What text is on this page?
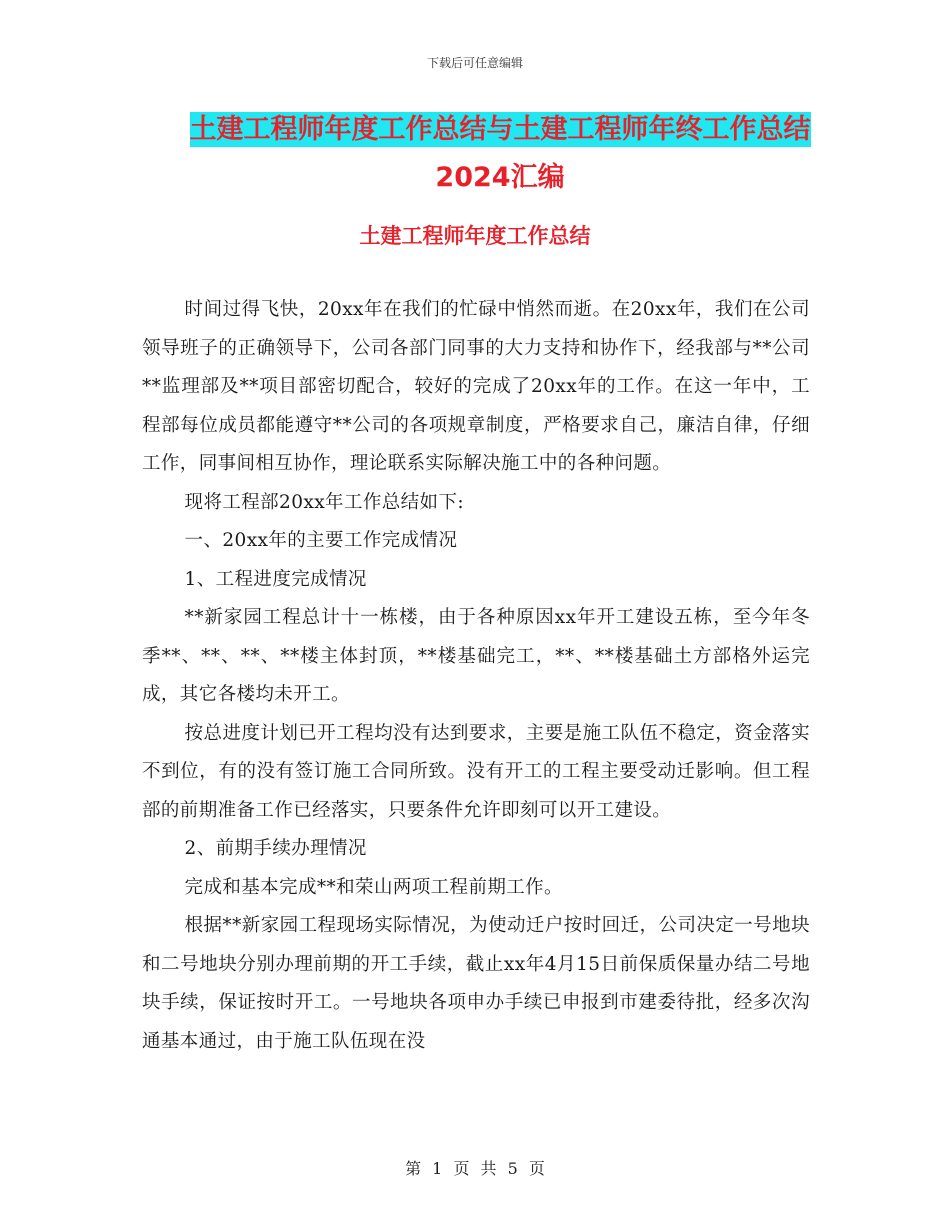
下载后可任意编辑
土建工程师年度工作总结与土建工程师年终工作总结
2024汇编
土建工程师年度工作总结

时间过得飞快，20xx年在我们的忙碌中悄然而逝。在20xx年，我们在公司领导班子的正确领导下，公司各部门同事的大力支持和协作下，经我部与**公司**监理部及**项目部密切配合，较好的完成了20xx年的工作。在这一年中，工程部每位成员都能遵守**公司的各项规章制度，严格要求自己，廉洁自律，仔细工作，同事间相互协作，理论联系实际解决施工中的各种问题。

现将工程部20xx年工作总结如下:

一、20xx年的主要工作完成情况

1、工程进度完成情况

**新家园工程总计十一栋楼，由于各种原因xx年开工建设五栋，至今年冬季**、**、**、**楼主体封顶，**楼基础完工，**、**楼基础土方部格外运完成，其它各楼均未开工。

按总进度计划已开工程均没有达到要求，主要是施工队伍不稳定，资金落实不到位，有的没有签订施工合同所致。没有开工的工程主要受动迁影响。但工程部的前期准备工作已经落实，只要条件允许即刻可以开工建设。

2、前期手续办理情况

完成和基本完成**和荣山两项工程前期工作。

根据**新家园工程现场实际情况，为使动迁户按时回迁，公司决定一号地块和二号地块分别办理前期的开工手续，截止xx年4月15日前保质保量办结二号地块手续，保证按时开工。一号地块各项申办手续已申报到市建委待批，经多次沟通基本通过，由于施工队伍现在没

第 1 页 共 5 页
